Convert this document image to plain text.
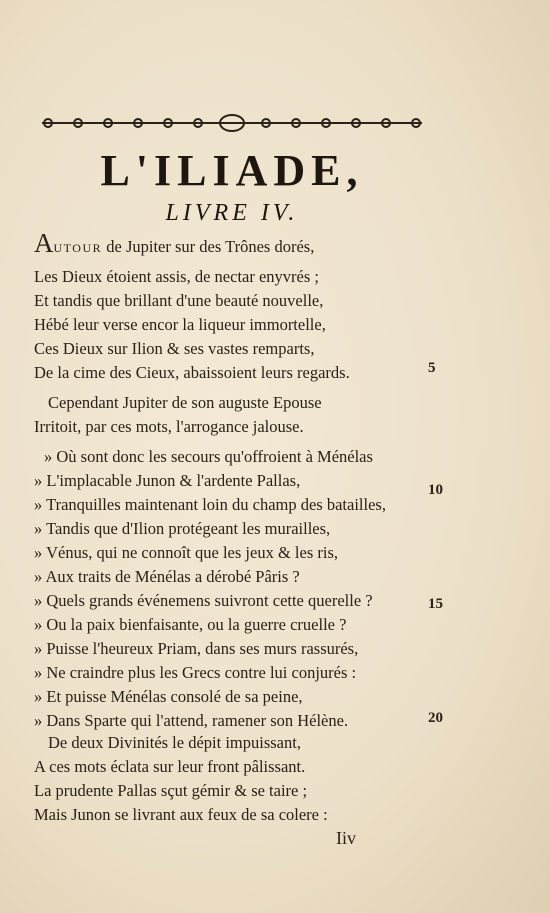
L'ILIADE,
LIVRE IV.
AUTOUR de Jupiter sur des Trônes dorés,
Les Dieux étoient assis, de nectar enyvrés ;
Et tandis que brillant d'une beauté nouvelle,
Hébé leur verse encor la liqueur immortelle,
Ces Dieux sur Ilion & ses vastes remparts,
De la cime des Cieux, abaissoient leurs regards.
Cependant Jupiter de son auguste Epouse
Irritoit, par ces mots, l'arrogance jalouse.
» Où sont donc les secours qu'offroient à Ménélas
» L'implacable Junon & l'ardente Pallas,
» Tranquilles maintenant loin du champ des batailles,
» Tandis que d'Ilion protégeant les murailles,
» Vénus, qui ne connoît que les jeux & les ris,
» Aux traits de Ménélas a dérobé Pâris ?
» Quels grands événemens suivront cette querelle ?
» Ou la paix bienfaisante, ou la guerre cruelle ?
» Puisse l'heureux Priam, dans ses murs rassurés,
» Ne craindre plus les Grecs contre lui conjurés :
» Et puisse Ménélas consolé de sa peine,
» Dans Sparte qui l'attend, ramener son Hélène.
De deux Divinités le dépit impuissant,
A ces mots éclata sur leur front pâlissant.
La prudente Pallas sçut gémir & se taire ;
Mais Junon se livrant aux feux de sa colere :
5
10
15
20
Iiv
